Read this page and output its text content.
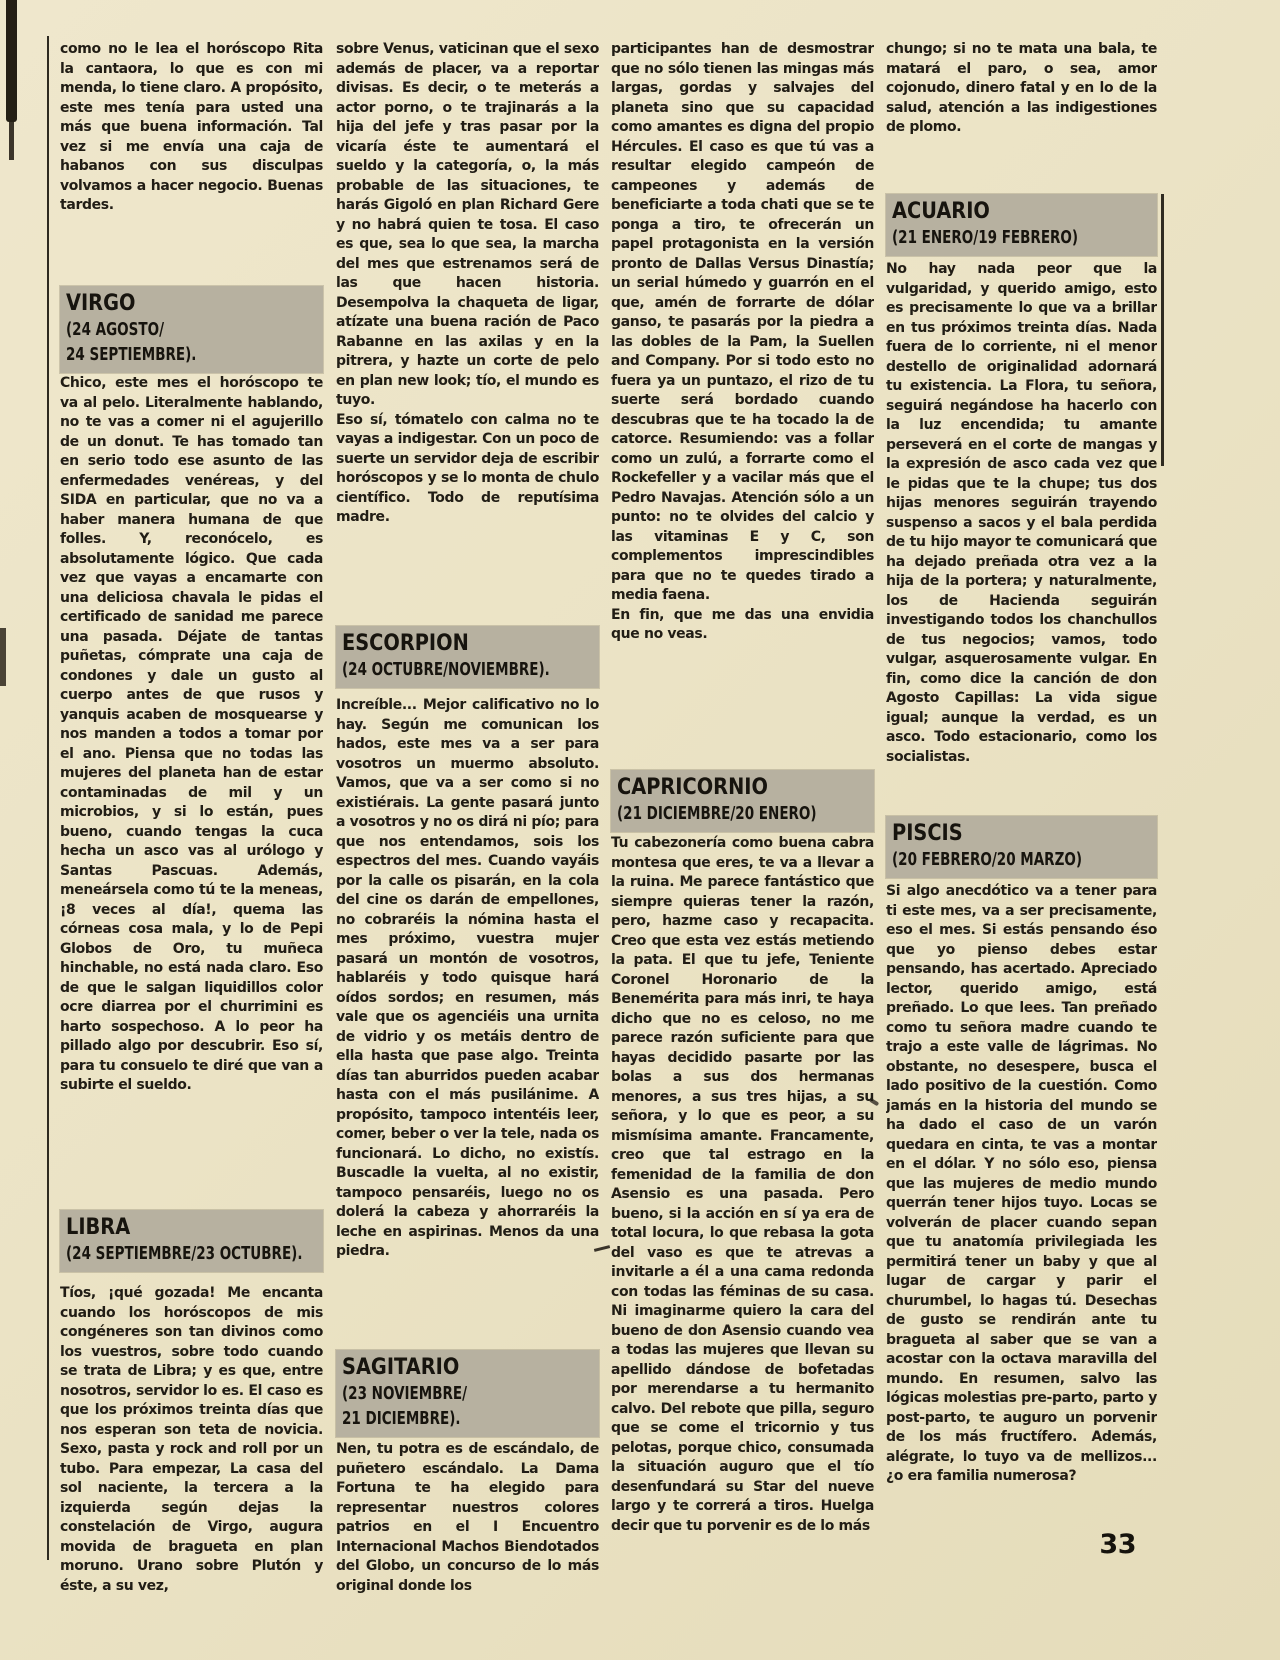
como no le lea el horóscopo Rita la cantaora, lo que es con mi menda, lo tiene claro. A propósito, este mes tenía para usted una más que buena información. Tal vez si me envía una caja de habanos con sus disculpas volvamos a hacer negocio. Buenas tardes.

VIRGO
(24 AGOSTO/
24 SEPTIEMBRE).

Chico, este mes el horóscopo te va al pelo. Literalmente hablando, no te vas a comer ni el agujerillo de un donut. Te has tomado tan en serio todo ese asunto de las enfermedades venéreas, y del SIDA en particular, que no va a haber manera humana de que folles. Y, reconócelo, es absolutamente lógico. Que cada vez que vayas a encamarte con una deliciosa chavala le pidas el certificado de sanidad me parece una pasada. Déjate de tantas puñetas, cómprate una caja de condones y dale un gusto al cuerpo antes de que rusos y yanquis acaben de mosquearse y nos manden a todos a tomar por el ano. Piensa que no todas las mujeres del planeta han de estar contaminadas de mil y un microbios, y si lo están, pues bueno, cuando tengas la cuca hecha un asco vas al urólogo y Santas Pascuas. Además, meneársela como tú te la meneas, ¡8 veces al día!, quema las córneas cosa mala, y lo de Pepi Globos de Oro, tu muñeca hinchable, no está nada claro. Eso de que le salgan liquidillos color ocre diarrea por el churrimini es harto sospechoso. A lo peor ha pillado algo por descubrir. Eso sí, para tu consuelo te diré que van a subirte el sueldo.

LIBRA
(24 SEPTIEMBRE/23 OCTUBRE).

Tíos, ¡qué gozada! Me encanta cuando los horóscopos de mis congéneres son tan divinos como los vuestros, sobre todo cuando se trata de Libra; y es que, entre nosotros, servidor lo es. El caso es que los próximos treinta días que nos esperan son teta de novicia. Sexo, pasta y rock and roll por un tubo. Para empezar, La casa del sol naciente, la tercera a la izquierda según dejas la constelación de Virgo, augura movida de bragueta en plan moruno. Urano sobre Plutón y éste, a su vez,

sobre Venus, vaticinan que el sexo además de placer, va a reportar divisas. Es decir, o te meterás a actor porno, o te trajinarás a la hija del jefe y tras pasar por la vicaría éste te aumentará el sueldo y la categoría, o, la más probable de las situaciones, te harás Gigoló en plan Richard Gere y no habrá quien te tosa. El caso es que, sea lo que sea, la marcha del mes que estrenamos será de las que hacen historia. Desempolva la chaqueta de ligar, atízate una buena ración de Paco Rabanne en las axilas y en la pitrera, y hazte un corte de pelo en plan new look; tío, el mundo es tuyo.

Eso sí, tómatelo con calma no te vayas a indigestar. Con un poco de suerte un servidor deja de escribir horóscopos y se lo monta de chulo científico. Todo de reputísima madre.

ESCORPION
(24 OCTUBRE/NOVIEMBRE).

Increíble... Mejor calificativo no lo hay. Según me comunican los hados, este mes va a ser para vosotros un muermo absoluto. Vamos, que va a ser como si no existiérais. La gente pasará junto a vosotros y no os dirá ni pío; para que nos entendamos, sois los espectros del mes. Cuando vayáis por la calle os pisarán, en la cola del cine os darán de empellones, no cobraréis la nómina hasta el mes próximo, vuestra mujer pasará un montón de vosotros, hablaréis y todo quisque hará oídos sordos; en resumen, más vale que os agenciéis una urnita de vidrio y os metáis dentro de ella hasta que pase algo. Treinta días tan aburridos pueden acabar hasta con el más pusilánime. A propósito, tampoco intentéis leer, comer, beber o ver la tele, nada os funcionará. Lo dicho, no existís. Buscadle la vuelta, al no existir, tampoco pensaréis, luego no os dolerá la cabeza y ahorraréis la leche en aspirinas. Menos da una piedra.

SAGITARIO
(23 NOVIEMBRE/
21 DICIEMBRE).

Nen, tu potra es de escándalo, de puñetero escándalo. La Dama Fortuna te ha elegido para representar nuestros colores patrios en el I Encuentro Internacional Machos Biendotados del Globo, un concurso de lo más original donde los

participantes han de desmostrar que no sólo tienen las mingas más largas, gordas y salvajes del planeta sino que su capacidad como amantes es digna del propio Hércules. El caso es que tú vas a resultar elegido campeón de campeones y además de beneficiarte a toda chati que se te ponga a tiro, te ofrecerán un papel protagonista en la versión pronto de Dallas Versus Dinastía; un serial húmedo y guarrón en el que, amén de forrarte de dólar ganso, te pasarás por la piedra a las dobles de la Pam, la Suellen and Company. Por si todo esto no fuera ya un puntazo, el rizo de tu suerte será bordado cuando descubras que te ha tocado la de catorce. Resumiendo: vas a follar como un zulú, a forrarte como el Rockefeller y a vacilar más que el Pedro Navajas. Atención sólo a un punto: no te olvides del calcio y las vitaminas E y C, son complementos imprescindibles para que no te quedes tirado a media faena.

En fin, que me das una envidia que no veas.

CAPRICORNIO
(21 DICIEMBRE/20 ENERO)

Tu cabezonería como buena cabra montesa que eres, te va a llevar a la ruina. Me parece fantástico que siempre quieras tener la razón, pero, hazme caso y recapacita. Creo que esta vez estás metiendo la pata. El que tu jefe, Teniente Coronel Horonario de la Benemérita para más inri, te haya dicho que no es celoso, no me parece razón suficiente para que hayas decidido pasarte por las bolas a sus dos hermanas menores, a sus tres hijas, a su señora, y lo que es peor, a su mismísima amante. Francamente, creo que tal estrago en la femenidad de la familia de don Asensio es una pasada. Pero bueno, si la acción en sí ya era de total locura, lo que rebasa la gota del vaso es que te atrevas a invitarle a él a una cama redonda con todas las féminas de su casa. Ni imaginarme quiero la cara del bueno de don Asensio cuando vea a todas las mujeres que llevan su apellido dándose de bofetadas por merendarse a tu hermanito calvo. Del rebote que pilla, seguro que se come el tricornio y tus pelotas, porque chico, consumada la situación auguro que el tío desenfundará su Star del nueve largo y te correrá a tiros. Huelga decir que tu porvenir es de lo más

chungo; si no te mata una bala, te matará el paro, o sea, amor cojonudo, dinero fatal y en lo de la salud, atención a las indigestiones de plomo.

ACUARIO
(21 ENERO/19 FEBRERO)

No hay nada peor que la vulgaridad, y querido amigo, esto es precisamente lo que va a brillar en tus próximos treinta días. Nada fuera de lo corriente, ni el menor destello de originalidad adornará tu existencia. La Flora, tu señora, seguirá negándose ha hacerlo con la luz encendida; tu amante perseverá en el corte de mangas y la expresión de asco cada vez que le pidas que te la chupe; tus dos hijas menores seguirán trayendo suspenso a sacos y el bala perdida de tu hijo mayor te comunicará que ha dejado preñada otra vez a la hija de la portera; y naturalmente, los de Hacienda seguirán investigando todos los chanchullos de tus negocios; vamos, todo vulgar, asquerosamente vulgar. En fin, como dice la canción de don Agosto Capillas: La vida sigue igual; aunque la verdad, es un asco. Todo estacionario, como los socialistas.

PISCIS
(20 FEBRERO/20 MARZO)

Si algo anecdótico va a tener para ti este mes, va a ser precisamente, eso el mes. Si estás pensando éso que yo pienso debes estar pensando, has acertado. Apreciado lector, querido amigo, está preñado. Lo que lees. Tan preñado como tu señora madre cuando te trajo a este valle de lágrimas. No obstante, no desespere, busca el lado positivo de la cuestión. Como jamás en la historia del mundo se ha dado el caso de un varón quedara en cinta, te vas a montar en el dólar. Y no sólo eso, piensa que las mujeres de medio mundo querrán tener hijos tuyo. Locas se volverán de placer cuando sepan que tu anatomía privilegiada les permitirá tener un baby y que al lugar de cargar y parir el churumbel, lo hagas tú. Desechas de gusto se rendirán ante tu bragueta al saber que se van a acostar con la octava maravilla del mundo. En resumen, salvo las lógicas molestias pre-parto, parto y post-parto, te auguro un porvenir de los más fructífero. Además, alégrate, lo tuyo va de mellizos... ¿o era familia numerosa?

33
